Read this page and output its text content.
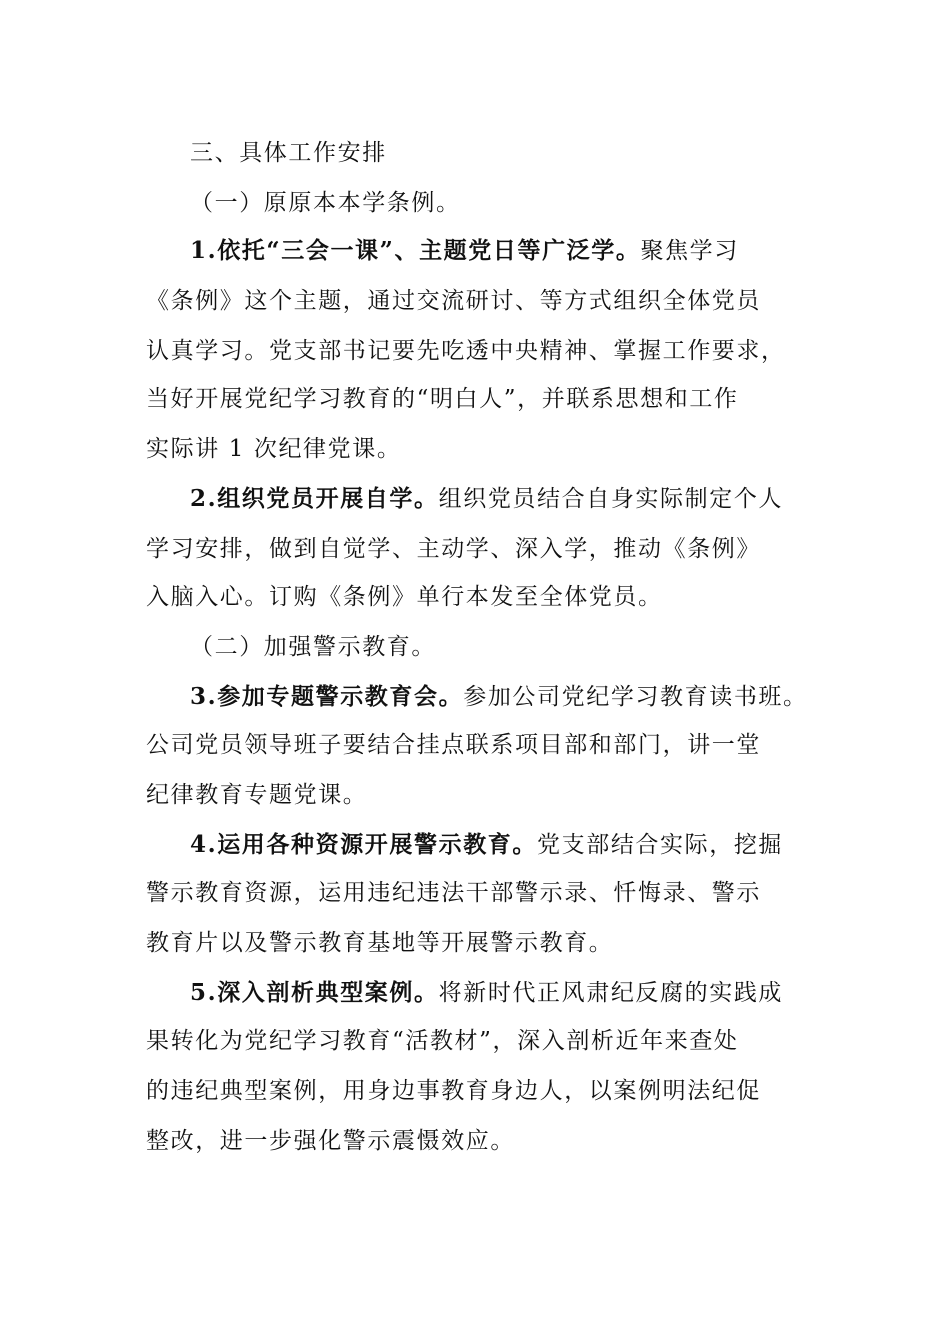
三、具体工作安排
（一）原原本本学条例。
1.依托“三会一课”、主题党日等广泛学。聚焦学习
《条例》这个主题，通过交流研讨、等方式组织全体党员
认真学习。党支部书记要先吃透中央精神、掌握工作要求，
当好开展党纪学习教育的“明白人”，并联系思想和工作
实际讲 1 次纪律党课。
2.组织党员开展自学。组织党员结合自身实际制定个人
学习安排，做到自觉学、主动学、深入学，推动《条例》
入脑入心。订购《条例》单行本发至全体党员。
（二）加强警示教育。
3.参加专题警示教育会。参加公司党纪学习教育读书班。
公司党员领导班子要结合挂点联系项目部和部门，讲一堂
纪律教育专题党课。
4.运用各种资源开展警示教育。党支部结合实际，挖掘
警示教育资源，运用违纪违法干部警示录、忏悔录、警示
教育片以及警示教育基地等开展警示教育。
5.深入剖析典型案例。将新时代正风肃纪反腐的实践成
果转化为党纪学习教育“活教材”，深入剖析近年来查处
的违纪典型案例，用身边事教育身边人，以案例明法纪促
整改，进一步强化警示震慑效应。
